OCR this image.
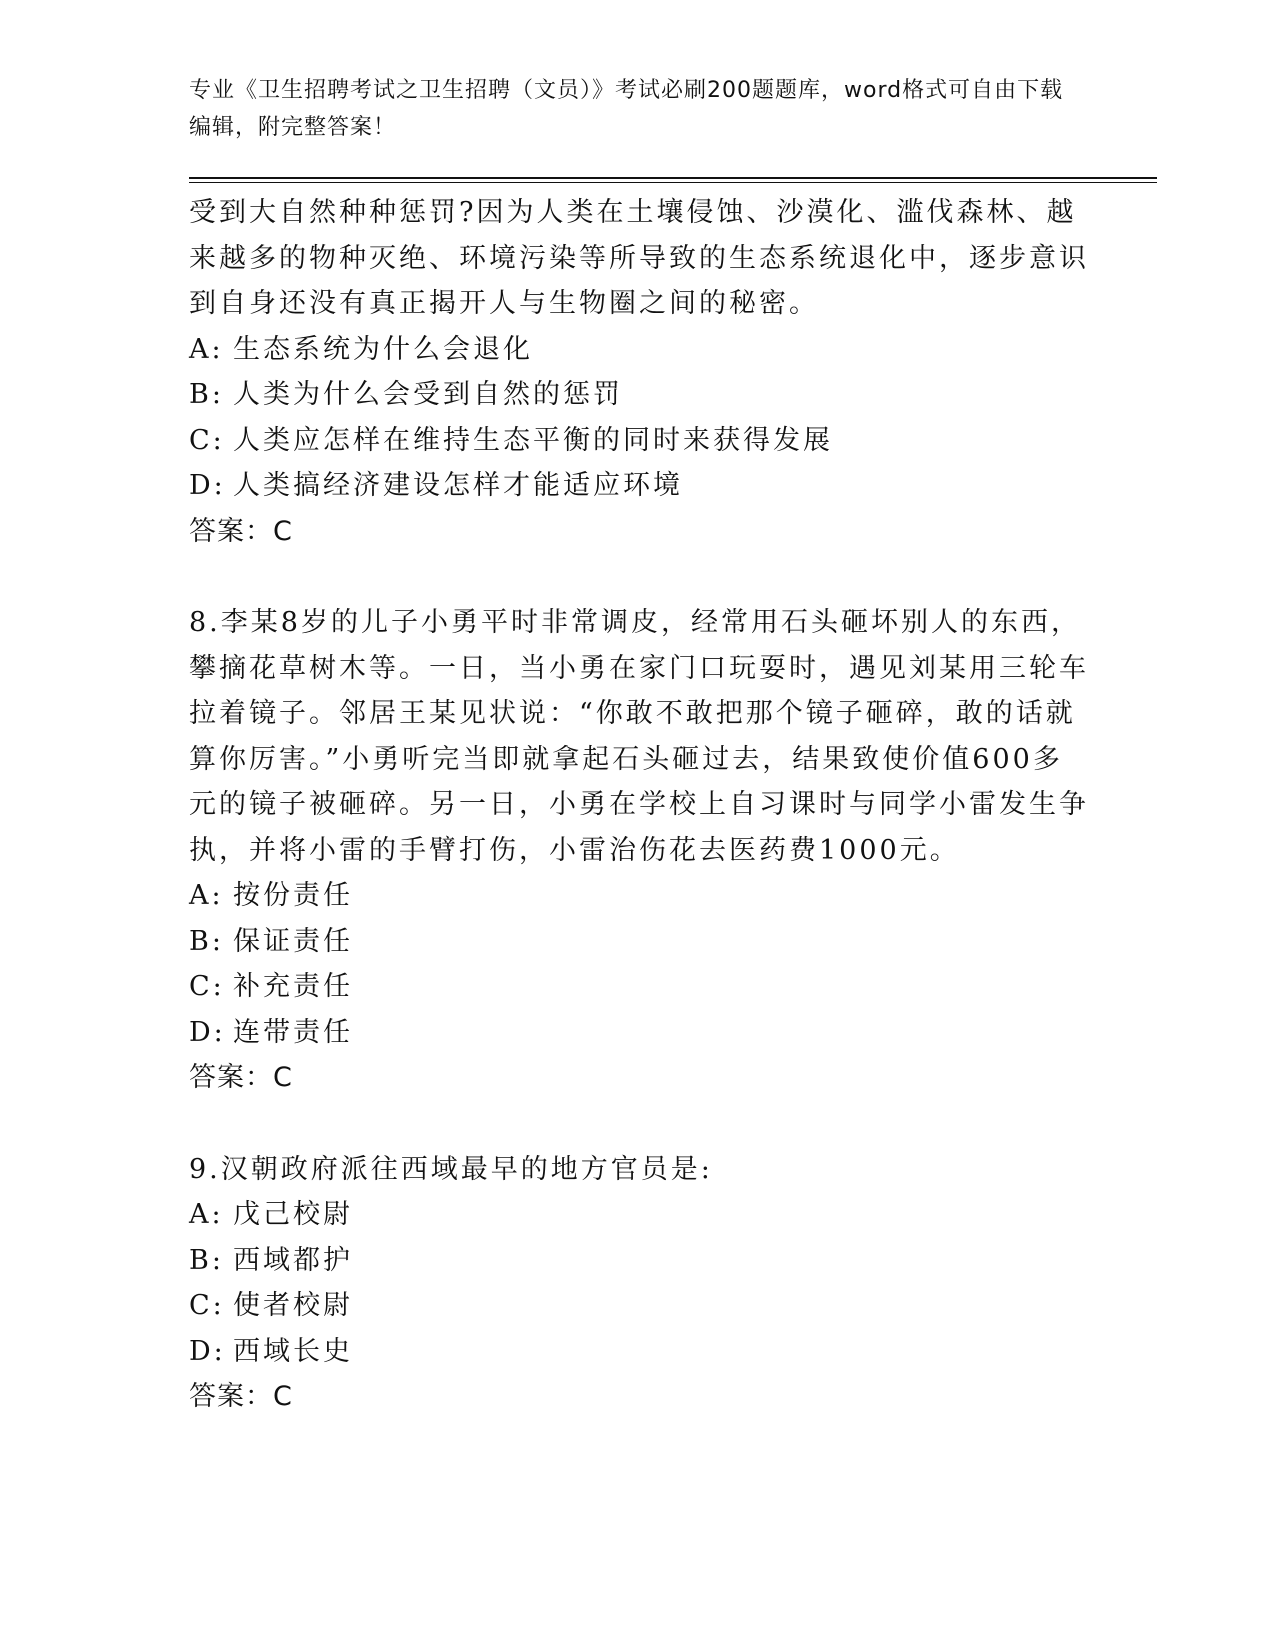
专业《卫生招聘考试之卫生招聘（文员）》考试必刷200题题库，word格式可自由下载编辑，附完整答案！
受到大自然种种惩罚?因为人类在土壤侵蚀、沙漠化、滥伐森林、越来越多的物种灭绝、环境污染等所导致的生态系统退化中，逐步意识到自身还没有真正揭开人与生物圈之间的秘密。
A: 生态系统为什么会退化
B: 人类为什么会受到自然的惩罚
C: 人类应怎样在维持生态平衡的同时来获得发展
D: 人类搞经济建设怎样才能适应环境
答案：C
8.李某8岁的儿子小勇平时非常调皮，经常用石头砸坏别人的东西，攀摘花草树木等。一日，当小勇在家门口玩耍时，遇见刘某用三轮车拉着镜子。邻居王某见状说：“你敢不敢把那个镜子砸碎，敢的话就算你厉害。”小勇听完当即就拿起石头砸过去，结果致使价值600多元的镜子被砸碎。另一日，小勇在学校上自习课时与同学小雷发生争执，并将小雷的手臂打伤，小雷治伤花去医药费1000元。
A: 按份责任
B: 保证责任
C: 补充责任
D: 连带责任
答案：C
9.汉朝政府派往西域最早的地方官员是:
A: 戊己校尉
B: 西域都护
C: 使者校尉
D: 西域长史
答案：C
